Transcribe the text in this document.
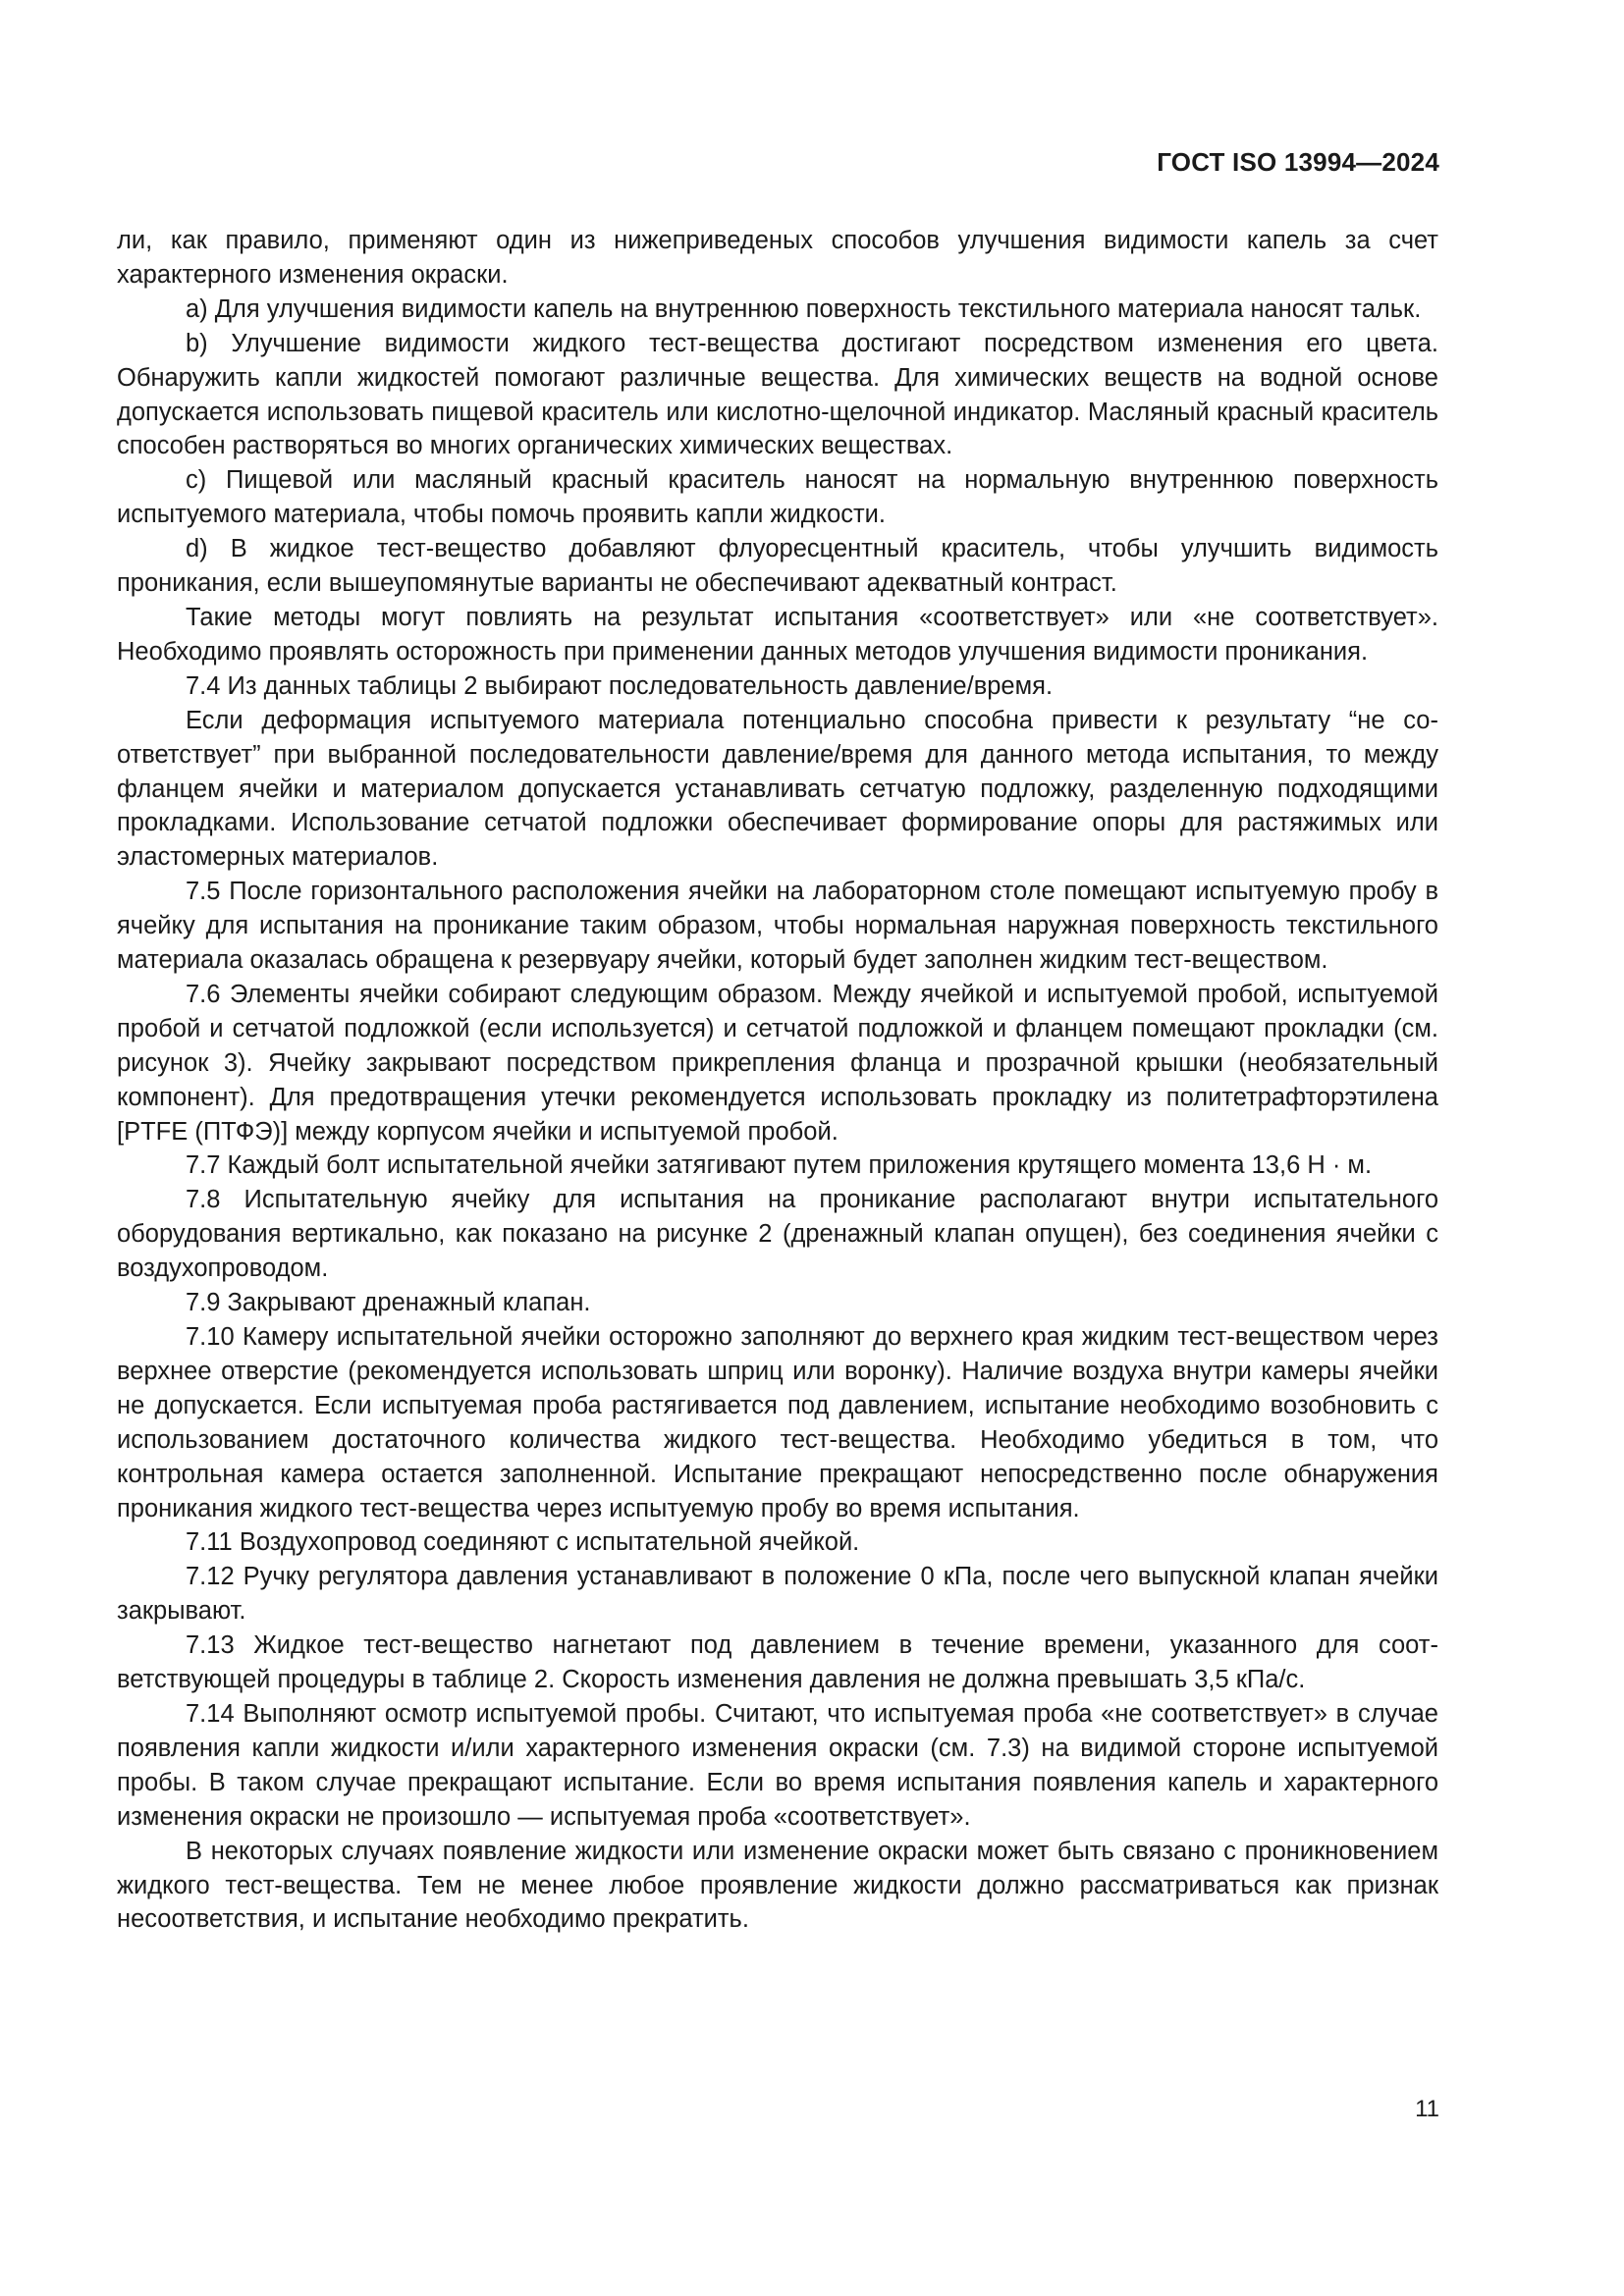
ГОСТ ISO 13994—2024

ли, как правило, применяют один из нижеприведеных способов улучшения видимости капель за счет характерного изменения окраски.

a) Для улучшения видимости капель на внутреннюю поверхность текстильного материала наносят тальк.

b) Улучшение видимости жидкого тест-вещества достигают посредством изменения его цвета. Обнаружить капли жидкостей помогают различные вещества. Для химических веществ на водной основе допускается использовать пищевой краситель или кислотно-щелочной индикатор. Масляный красный краситель способен растворяться во многих органических химических веществах.

c) Пищевой или масляный красный краситель наносят на нормальную внутреннюю поверхность испытуемого материала, чтобы помочь проявить капли жидкости.

d) В жидкое тест-вещество добавляют флуоресцентный краситель, чтобы улучшить видимость проникания, если вышеупомянутые варианты не обеспечивают адекватный контраст.

Такие методы могут повлиять на результат испытания «соответствует» или «не соответствует». Необходимо проявлять осторожность при применении данных методов улучшения видимости проникания.

7.4 Из данных таблицы 2 выбирают последовательность давление/время.

Если деформация испытуемого материала потенциально способна привести к результату “не соответствует” при выбранной последовательности давление/время для данного метода испытания, то между фланцем ячейки и материалом допускается устанавливать сетчатую подложку, разделенную подходящими прокладками. Использование сетчатой подложки обеспечивает формирование опоры для растяжимых или эластомерных материалов.

7.5 После горизонтального расположения ячейки на лабораторном столе помещают испытуемую пробу в ячейку для испытания на проникание таким образом, чтобы нормальная наружная поверхность текстильного материала оказалась обращена к резервуару ячейки, который будет заполнен жидким тест-веществом.

7.6 Элементы ячейки собирают следующим образом. Между ячейкой и испытуемой пробой, испытуемой пробой и сетчатой подложкой (если используется) и сетчатой подложкой и фланцем помещают прокладки (см. рисунок 3). Ячейку закрывают посредством прикрепления фланца и прозрачной крышки (необязательный компонент). Для предотвращения утечки рекомендуется использовать прокладку из политетрафторэтилена [PTFE (ПТФЭ)] между корпусом ячейки и испытуемой пробой.

7.7 Каждый болт испытательной ячейки затягивают путем приложения крутящего момента 13,6 Н · м.

7.8 Испытательную ячейку для испытания на проникание располагают внутри испытательного оборудования вертикально, как показано на рисунке 2 (дренажный клапан опущен), без соединения ячейки с воздухопроводом.

7.9 Закрывают дренажный клапан.

7.10 Камеру испытательной ячейки осторожно заполняют до верхнего края жидким тест-веществом через верхнее отверстие (рекомендуется использовать шприц или воронку). Наличие воздуха внутри камеры ячейки не допускается. Если испытуемая проба растягивается под давлением, испытание необходимо возобновить с использованием достаточного количества жидкого тест-вещества. Необходимо убедиться в том, что контрольная камера остается заполненной. Испытание прекращают непосредственно после обнаружения проникания жидкого тест-вещества через испытуемую пробу во время испытания.

7.11 Воздухопровод соединяют с испытательной ячейкой.

7.12 Ручку регулятора давления устанавливают в положение 0 кПа, после чего выпускной клапан ячейки закрывают.

7.13 Жидкое тест-вещество нагнетают под давлением в течение времени, указанного для соответствующей процедуры в таблице 2. Скорость изменения давления не должна превышать 3,5 кПа/с.

7.14 Выполняют осмотр испытуемой пробы. Считают, что испытуемая проба «не соответствует» в случае появления капли жидкости и/или характерного изменения окраски (см. 7.3) на видимой стороне испытуемой пробы. В таком случае прекращают испытание. Если во время испытания появления капель и характерного изменения окраски не произошло — испытуемая проба «соответствует».

В некоторых случаях появление жидкости или изменение окраски может быть связано с проникновением жидкого тест-вещества. Тем не менее любое проявление жидкости должно рассматриваться как признак несоответствия, и испытание необходимо прекратить.

11
